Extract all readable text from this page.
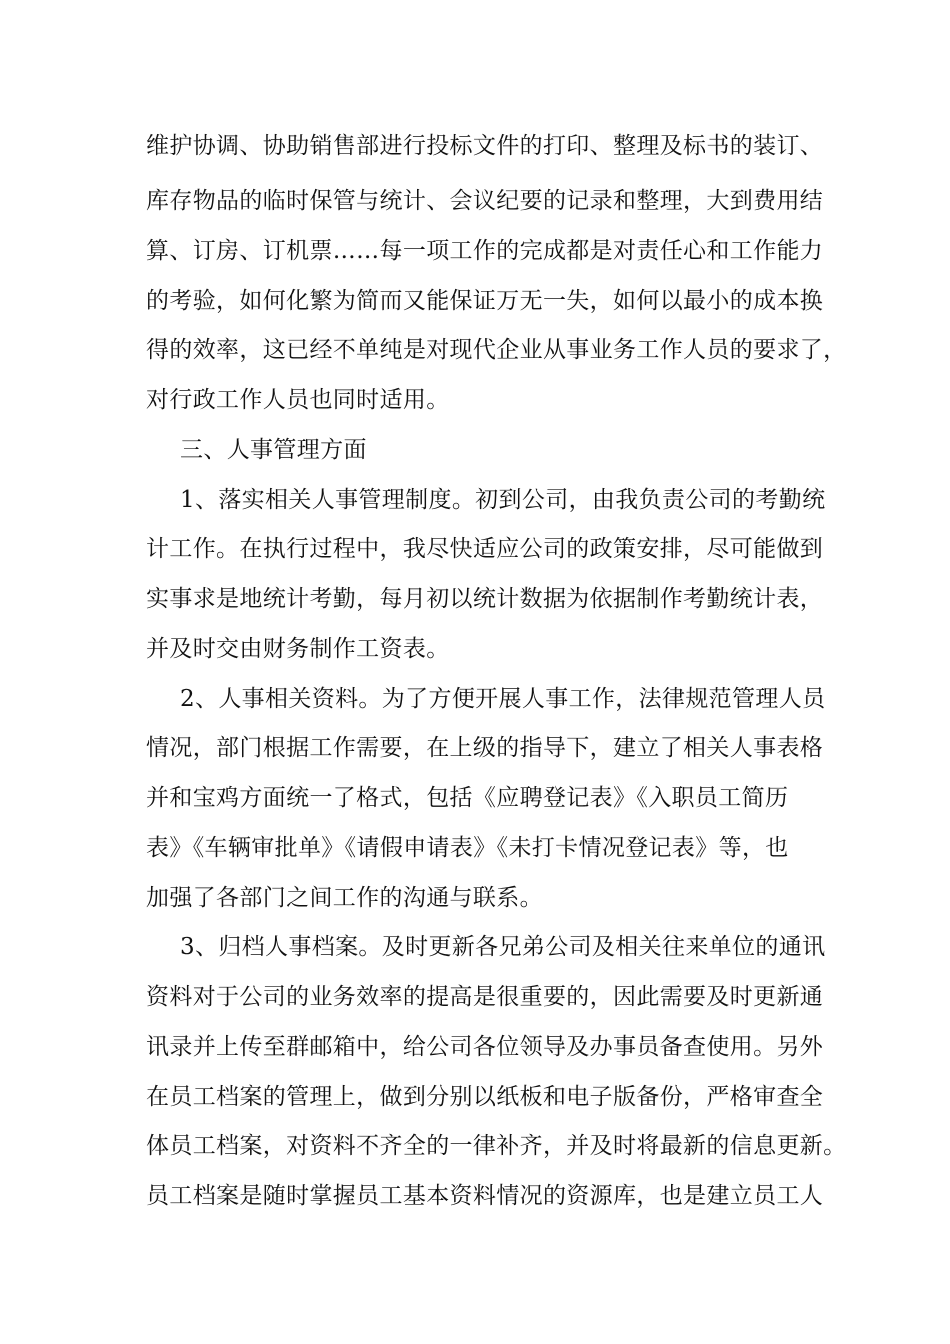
维护协调、协助销售部进行投标文件的打印、整理及标书的装订、
库存物品的临时保管与统计、会议纪要的记录和整理，大到费用结
算、订房、订机票……每一项工作的完成都是对责任心和工作能力
的考验，如何化繁为简而又能保证万无一失，如何以最小的成本换
得的效率，这已经不单纯是对现代企业从事业务工作人员的要求了，
对行政工作人员也同时适用。
三、人事管理方面
1、落实相关人事管理制度。初到公司，由我负责公司的考勤统
计工作。在执行过程中，我尽快适应公司的政策安排，尽可能做到
实事求是地统计考勤，每月初以统计数据为依据制作考勤统计表，
并及时交由财务制作工资表。
2、人事相关资料。为了方便开展人事工作，法律规范管理人员
情况，部门根据工作需要，在上级的指导下，建立了相关人事表格
并和宝鸡方面统一了格式，包括《应聘登记表》《入职员工简历
表》《车辆审批单》《请假申请表》《未打卡情况登记表》等，也
加强了各部门之间工作的沟通与联系。
3、归档人事档案。及时更新各兄弟公司及相关往来单位的通讯
资料对于公司的业务效率的提高是很重要的，因此需要及时更新通
讯录并上传至群邮箱中，给公司各位领导及办事员备查使用。另外
在员工档案的管理上，做到分别以纸板和电子版备份，严格审查全
体员工档案，对资料不齐全的一律补齐，并及时将最新的信息更新。
员工档案是随时掌握员工基本资料情况的资源库，也是建立员工人
